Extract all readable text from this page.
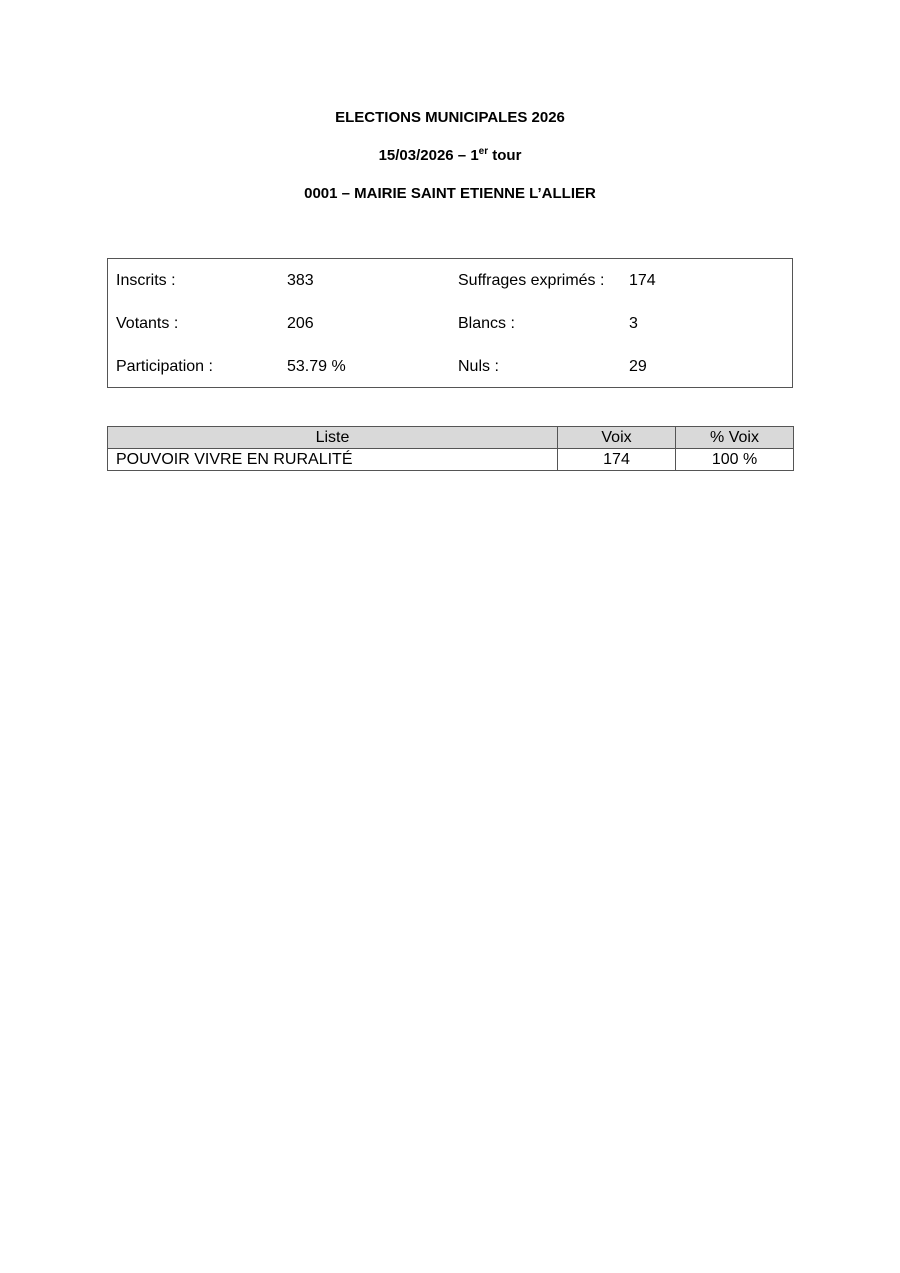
ELECTIONS MUNICIPALES 2026
15/03/2026 – 1er tour
0001 – MAIRIE SAINT ETIENNE L’ALLIER
Inscrits :	383	Suffrages exprimés : 174
Votants :	206	Blancs :	3
Participation :	53.79 %	Nuls :	29
Liste	Voix	% Voix
POUVOIR VIVRE EN RURALITÉ	174	100 %
